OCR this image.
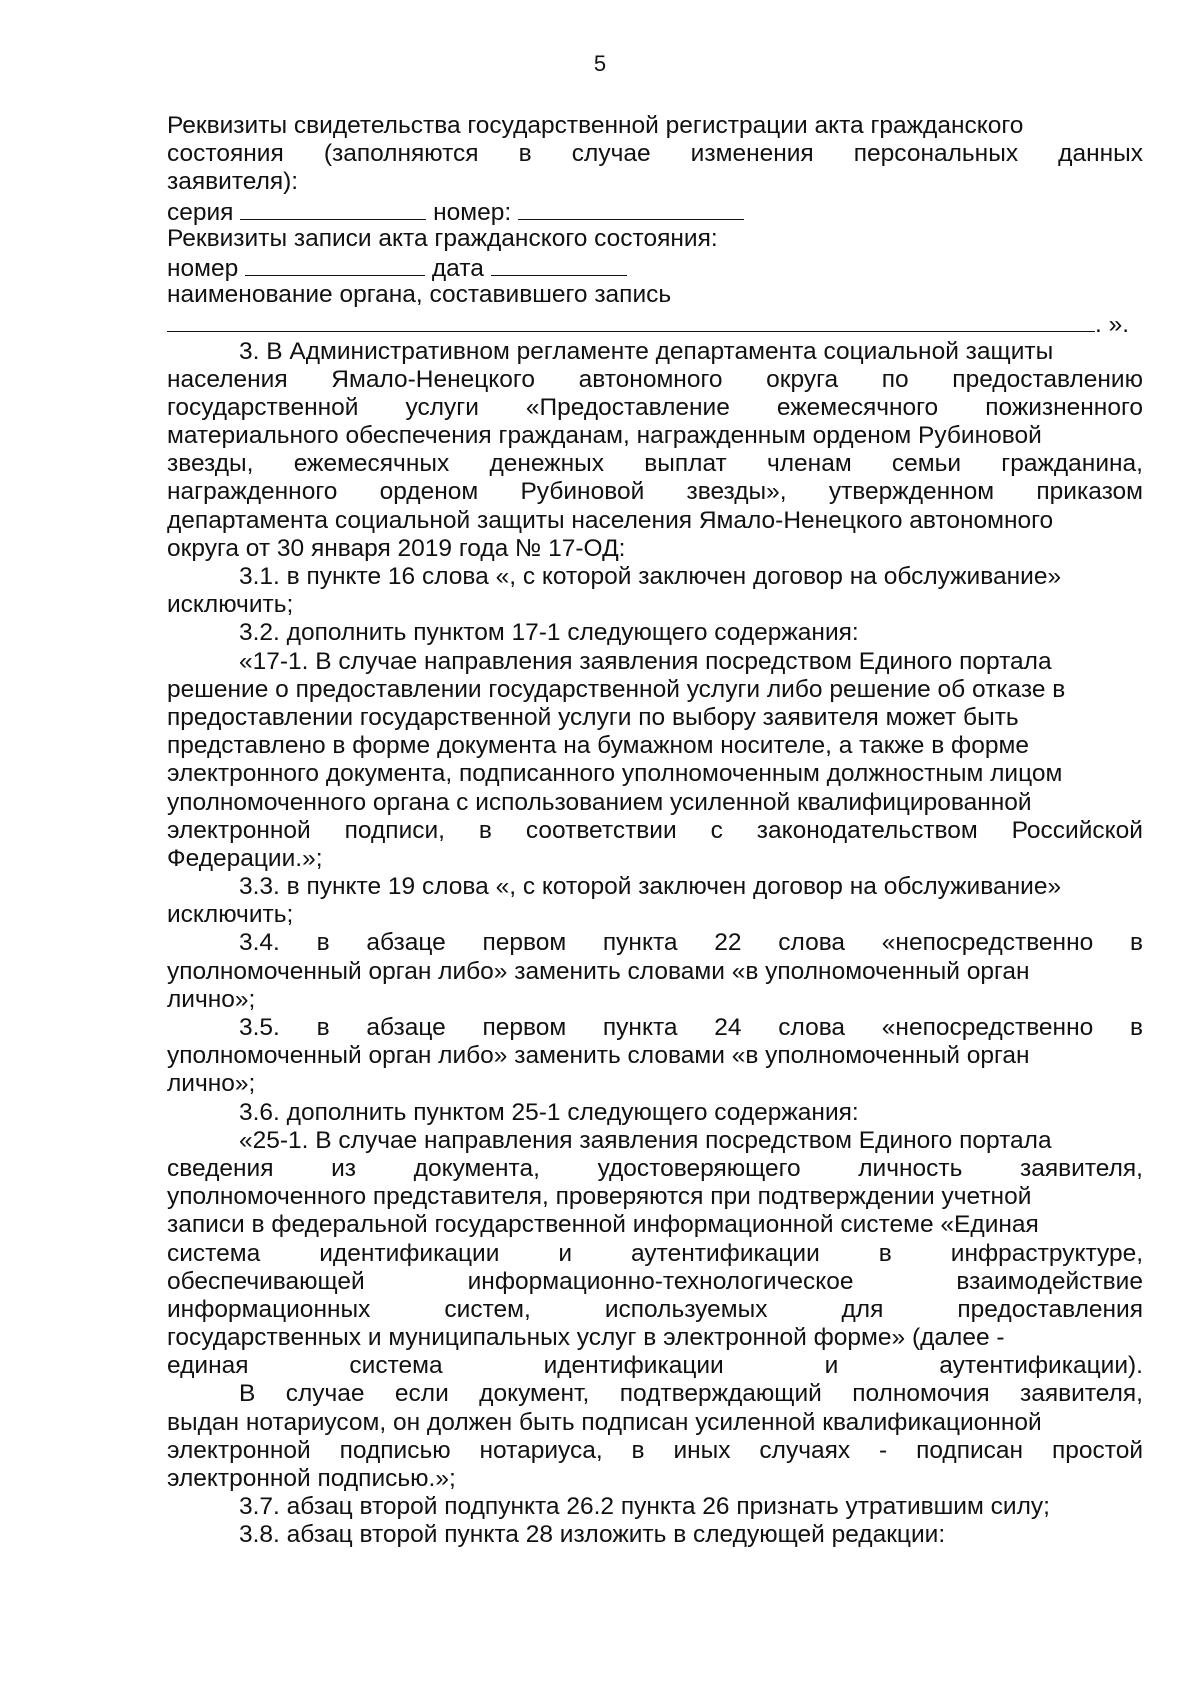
5
Реквизиты свидетельства государственной регистрации акта гражданского
состояния (заполняются в случае изменения персональных данных
заявителя):
серия	номер:
Реквизиты записи акта гражданского состояния:
номер	дата
наименование органа, составившего запись
. ».
3. В Административном регламенте департамента социальной защиты
населения Ямало-Ненецкого автономного округа по предоставлению
государственной услуги «Предоставление ежемесячного пожизненного
материального обеспечения гражданам, награжденным орденом Рубиновой
звезды, ежемесячных денежных выплат членам семьи гражданина,
награжденного орденом Рубиновой звезды», утвержденном приказом
департамента социальной защиты населения Ямало-Ненецкого автономного
округа от 30 января 2019 года № 17-ОД:
3.1. в пункте 16 слова «, с которой заключен договор на обслуживание»
исключить;
3.2. дополнить пунктом 17-1 следующего содержания:
«17-1. В случае направления заявления посредством Единого портала
решение о предоставлении государственной услуги либо решение об отказе в
предоставлении государственной услуги по выбору заявителя может быть
представлено в форме документа на бумажном носителе, а также в форме
электронного документа, подписанного уполномоченным должностным лицом
уполномоченного органа с использованием усиленной квалифицированной
электронной подписи, в соответствии с законодательством Российской
Федерации.»;
3.3. в пункте 19 слова «, с которой заключен договор на обслуживание»
исключить;
3.4. в абзаце первом пункта 22 слова «непосредственно в
уполномоченный орган либо» заменить словами «в уполномоченный орган
лично»;
3.5. в абзаце первом пункта 24 слова «непосредственно в
уполномоченный орган либо» заменить словами «в уполномоченный орган
лично»;
3.6. дополнить пунктом 25-1 следующего содержания:
«25-1. В случае направления заявления посредством Единого портала
сведения из документа, удостоверяющего личность заявителя,
уполномоченного представителя, проверяются при подтверждении учетной
записи в федеральной государственной информационной системе «Единая
система идентификации и аутентификации в инфраструктуре,
обеспечивающей информационно-технологическое взаимодействие
информационных систем, используемых для предоставления
государственных и муниципальных услуг в электронной форме» (далее -
единая система идентификации и аутентификации).
В случае если документ, подтверждающий полномочия заявителя,
выдан нотариусом, он должен быть подписан усиленной квалификационной
электронной подписью нотариуса, в иных случаях - подписан простой
электронной подписью.»;
3.7. абзац второй подпункта 26.2 пункта 26 признать утратившим силу;
3.8. абзац второй пункта 28 изложить в следующей редакции:
